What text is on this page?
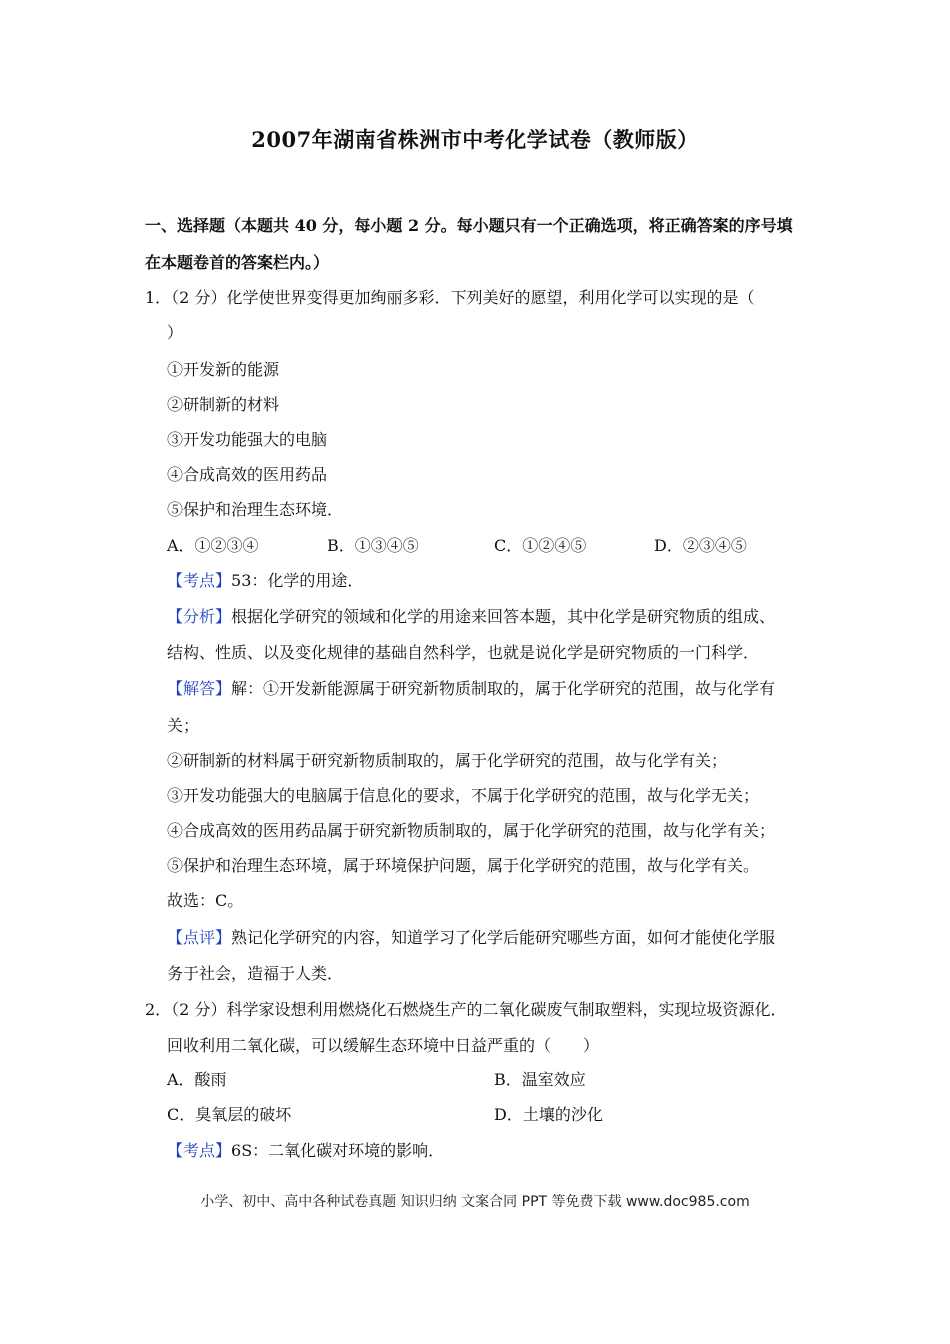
2007年湖南省株洲市中考化学试卷（教师版）
一、选择题（本题共 40 分，每小题 2 分。每小题只有一个正确选项，将正确答案的序号填
在本题卷首的答案栏内。）
1．（2 分）化学使世界变得更加绚丽多彩．下列美好的愿望，利用化学可以实现的是（
）
①开发新的能源
②研制新的材料
③开发功能强大的电脑
④合成高效的医用药品
⑤保护和治理生态环境．
A．①②③④	B．①③④⑤	C．①②④⑤	D．②③④⑤
【考点】53：化学的用途．
【分析】根据化学研究的领域和化学的用途来回答本题，其中化学是研究物质的组成、
结构、性质、以及变化规律的基础自然科学，也就是说化学是研究物质的一门科学．
【解答】解：①开发新能源属于研究新物质制取的，属于化学研究的范围，故与化学有
关；
②研制新的材料属于研究新物质制取的，属于化学研究的范围，故与化学有关；
③开发功能强大的电脑属于信息化的要求，不属于化学研究的范围，故与化学无关；
④合成高效的医用药品属于研究新物质制取的，属于化学研究的范围，故与化学有关；
⑤保护和治理生态环境，属于环境保护问题，属于化学研究的范围，故与化学有关。
故选：C。
【点评】熟记化学研究的内容，知道学习了化学后能研究哪些方面，如何才能使化学服
务于社会，造福于人类．
2．（2 分）科学家设想利用燃烧化石燃烧生产的二氧化碳废气制取塑料，实现垃圾资源化．
回收利用二氧化碳，可以缓解生态环境中日益严重的（　　）
A．酸雨	B．温室效应
C．臭氧层的破坏	D．土壤的沙化
【考点】6S：二氧化碳对环境的影响．
小学、初中、高中各种试卷真题 知识归纳 文案合同 PPT 等免费下载 www.doc985.com
